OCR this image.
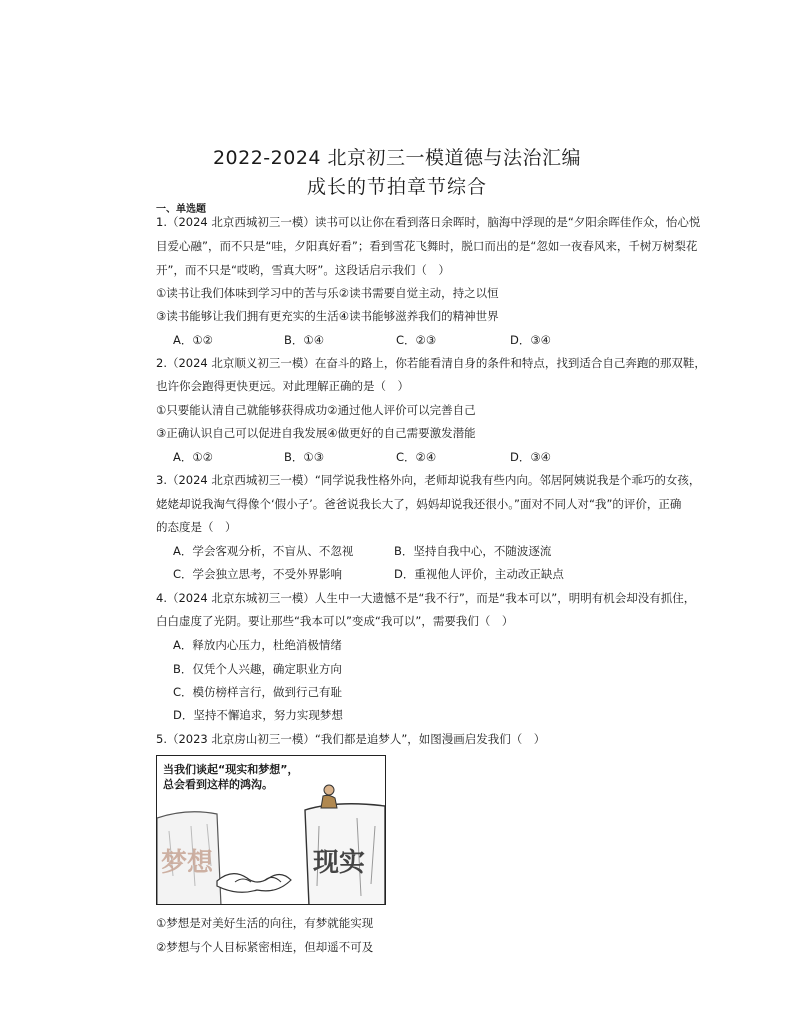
2022-2024 北京初三一模道德与法治汇编
成长的节拍章节综合
一、单选题
1.（2024 北京西城初三一模）读书可以让你在看到落日余晖时，脑海中浮现的是“夕阳余晖佳作众，怡心悦
目爱心融”，而不只是“哇，夕阳真好看”；看到雪花飞舞时，脱口而出的是“忽如一夜春风来，千树万树梨花
开”，而不只是“哎哟，雪真大呀”。这段话启示我们（　）
①读书让我们体味到学习中的苦与乐②读书需要自觉主动，持之以恒
③读书能够让我们拥有更充实的生活④读书能够滋养我们的精神世界
A．①②	B．①④	C．②③	D．③④
2.（2024 北京顺义初三一模）在奋斗的路上，你若能看清自身的条件和特点，找到适合自己奔跑的那双鞋，
也许你会跑得更快更远。对此理解正确的是（　）
①只要能认清自己就能够获得成功②通过他人评价可以完善自己
③正确认识自己可以促进自我发展④做更好的自己需要激发潜能
A．①②	B．①③	C．②④	D．③④
3.（2024 北京西城初三一模）“同学说我性格外向，老师却说我有些内向。邻居阿姨说我是个乖巧的女孩，
姥姥却说我淘气得像个‘假小子’。爸爸说我长大了，妈妈却说我还很小。”面对不同人对“我”的评价，正确
的态度是（　）
A．学会客观分析，不盲从、不忽视	B．坚持自我中心，不随波逐流
C．学会独立思考，不受外界影响	D．重视他人评价，主动改正缺点
4.（2024 北京东城初三一模）人生中一大遗憾不是“我不行”，而是“我本可以”，明明有机会却没有抓住，
白白虚度了光阴。要让那些“我本可以”变成“我可以”，需要我们（　）
A．释放内心压力，杜绝消极情绪
B．仅凭个人兴趣，确定职业方向
C．模仿榜样言行，做到行己有耻
D．坚持不懈追求，努力实现梦想
5.（2023 北京房山初三一模）“我们都是追梦人”，如图漫画启发我们（　）
当我们谈起“现实和梦想”，
总会看到这样的鸿沟。
梦想	现实
①梦想是对美好生活的向往，有梦就能实现
②梦想与个人目标紧密相连，但却遥不可及
